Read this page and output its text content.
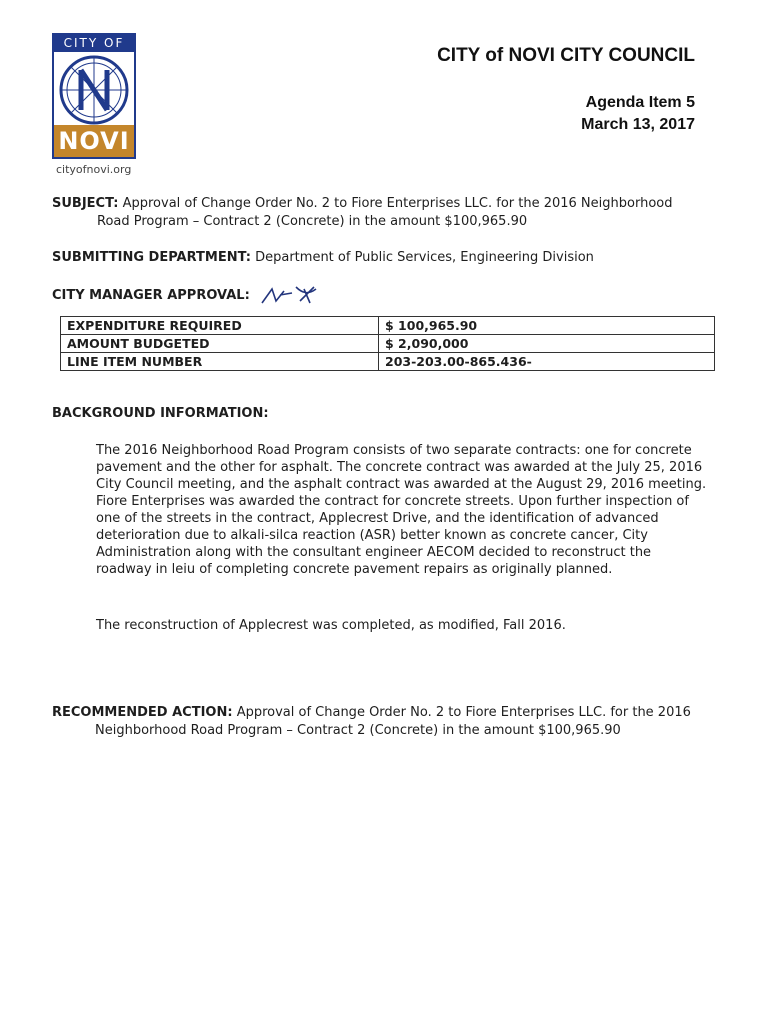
CITY OF
NOVI
cityofnovi.org
CITY of NOVI CITY COUNCIL
Agenda Item 5
March 13, 2017
SUBJECT: Approval of Change Order No. 2 to Fiore Enterprises LLC. for the 2016 Neighborhood
Road Program – Contract 2 (Concrete) in the amount $100,965.90
SUBMITTING DEPARTMENT: Department of Public Services, Engineering Division
CITY MANAGER APPROVAL:
EXPENDITURE REQUIRED	$ 100,965.90
AMOUNT BUDGETED	$ 2,090,000
LINE ITEM NUMBER	203-203.00-865.436-
BACKGROUND INFORMATION:
The 2016 Neighborhood Road Program consists of two separate contracts: one for concrete pavement and the other for asphalt. The concrete contract was awarded at the July 25, 2016 City Council meeting, and the asphalt contract was awarded at the August 29, 2016 meeting. Fiore Enterprises was awarded the contract for concrete streets. Upon further inspection of one of the streets in the contract, Applecrest Drive, and the identification of advanced deterioration due to alkali-silca reaction (ASR) better known as concrete cancer, City Administration along with the consultant engineer AECOM decided to reconstruct the roadway in leiu of completing concrete pavement repairs as originally planned.
The reconstruction of Applecrest was completed, as modified, Fall 2016.
RECOMMENDED ACTION: Approval of Change Order No. 2 to Fiore Enterprises LLC. for the 2016
Neighborhood Road Program – Contract 2 (Concrete) in the amount $100,965.90
